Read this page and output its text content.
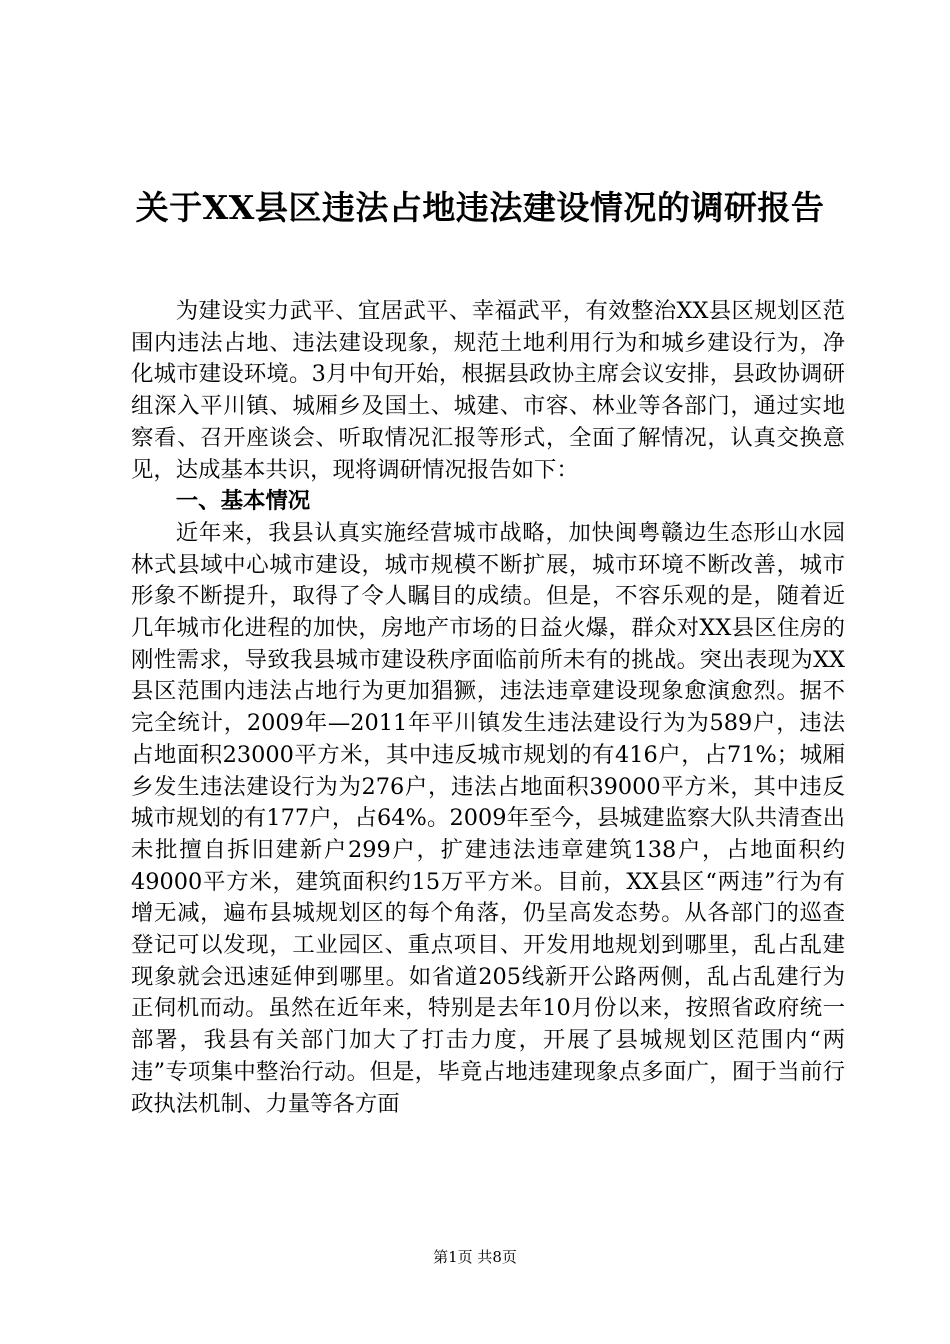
关于XX县区违法占地违法建设情况的调研报告

为建设实力武平、宜居武平、幸福武平，有效整治XX县区规划区范围内违法占地、违法建设现象，规范土地利用行为和城乡建设行为，净化城市建设环境。3月中旬开始，根据县政协主席会议安排，县政协调研组深入平川镇、城厢乡及国土、城建、市容、林业等各部门，通过实地察看、召开座谈会、听取情况汇报等形式，全面了解情况，认真交换意见，达成基本共识，现将调研情况报告如下：

一、基本情况

近年来，我县认真实施经营城市战略，加快闽粤赣边生态形山水园林式县域中心城市建设，城市规模不断扩展，城市环境不断改善，城市形象不断提升，取得了令人瞩目的成绩。但是，不容乐观的是，随着近几年城市化进程的加快，房地产市场的日益火爆，群众对XX县区住房的刚性需求，导致我县城市建设秩序面临前所未有的挑战。突出表现为XX县区范围内违法占地行为更加猖獗，违法违章建设现象愈演愈烈。据不完全统计，2009年—2011年平川镇发生违法建设行为为589户，违法占地面积23000平方米，其中违反城市规划的有416户，占71%；城厢乡发生违法建设行为为276户，违法占地面积39000平方米，其中违反城市规划的有177户，占64%。2009年至今，县城建监察大队共清查出未批擅自拆旧建新户299户，扩建违法违章建筑138户，占地面积约49000平方米，建筑面积约15万平方米。目前，XX县区“两违”行为有增无减，遍布县城规划区的每个角落，仍呈高发态势。从各部门的巡查登记可以发现，工业园区、重点项目、开发用地规划到哪里，乱占乱建现象就会迅速延伸到哪里。如省道205线新开公路两侧，乱占乱建行为正伺机而动。虽然在近年来，特别是去年10月份以来，按照省政府统一部署，我县有关部门加大了打击力度，开展了县城规划区范围内“两违”专项集中整治行动。但是，毕竟占地违建现象点多面广，囿于当前行政执法机制、力量等各方面

第1页 共8页
